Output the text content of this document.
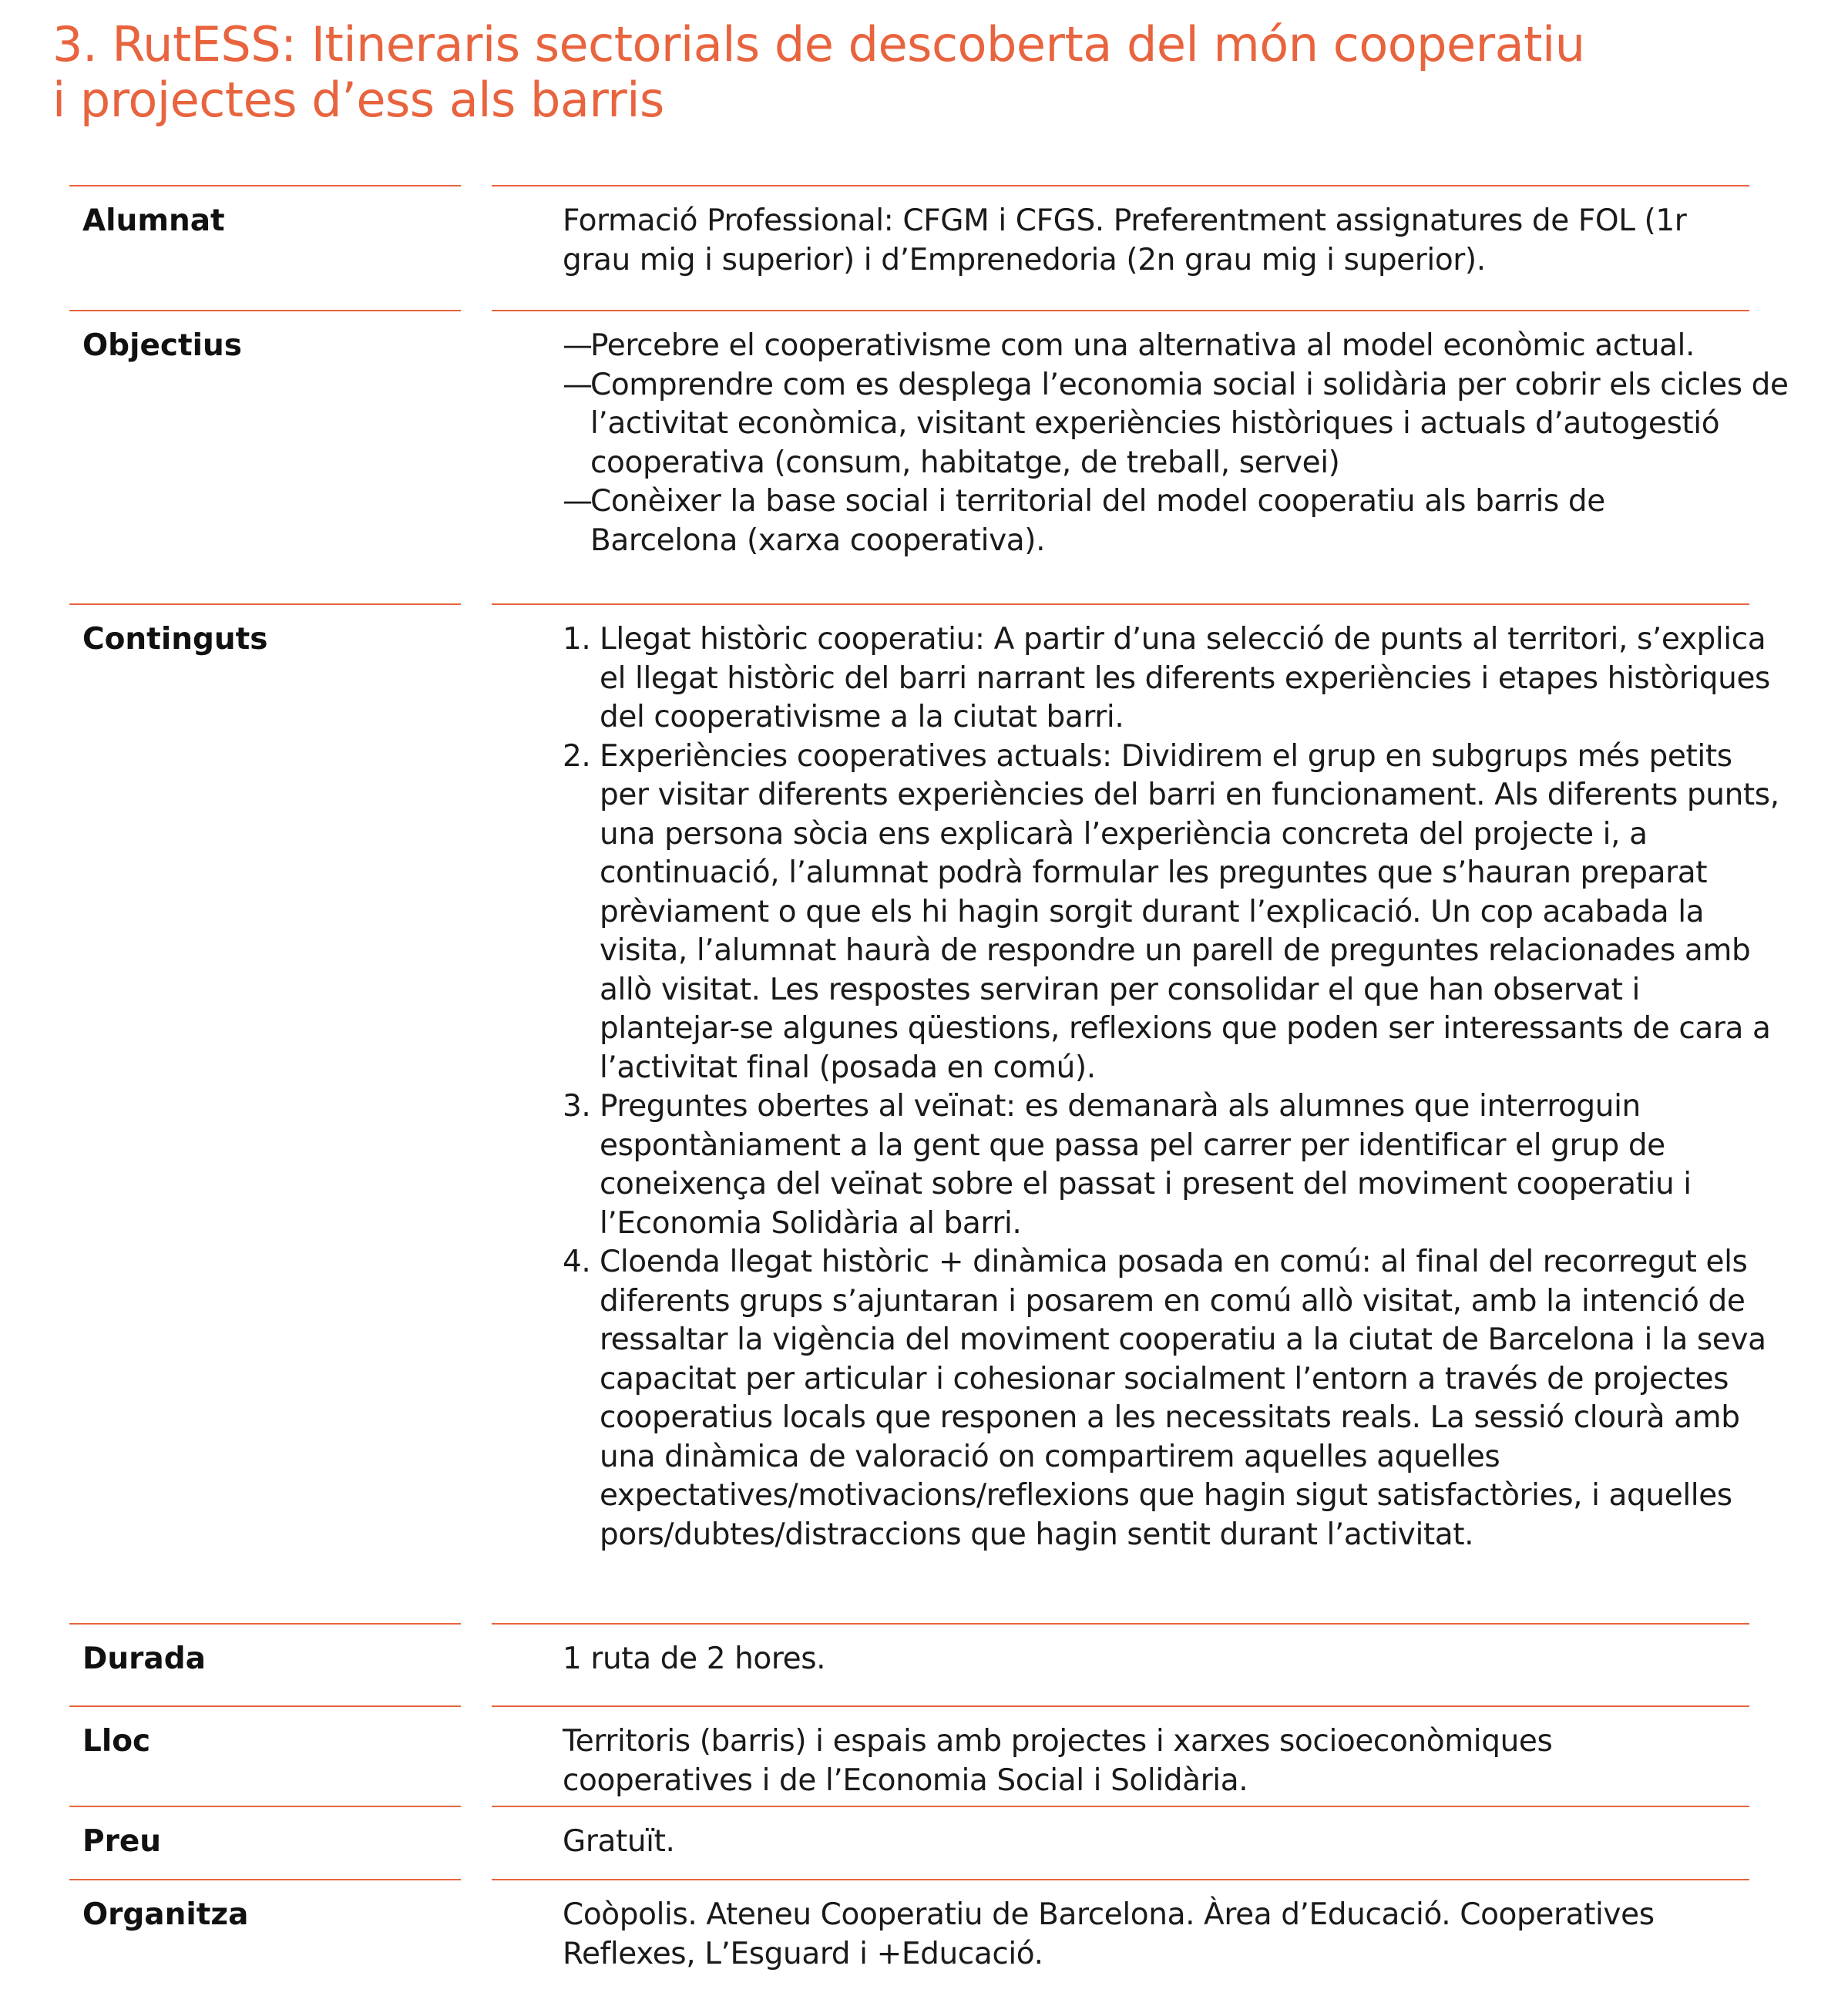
3. RutESS: Itineraris sectorials de descoberta del món cooperatiu
i projectes d’ess als barris
Alumnat	Formació Professional: CFGM i CFGS. Preferentment assignatures de FOL (1r grau mig i superior) i d’Emprenedoria (2n grau mig i superior).

Objectius	—
Percebre el cooperativisme com una alternativa al model econòmic actual.
—
Comprendre com es desplega l’economia social i solidària per cobrir els cicles de l’activitat econòmica, visitant experiències històriques i actuals d’autogestió cooperativa (consum, habitatge, de treball, servei)
—
Conèixer la base social i territorial del model cooperatiu als barris de Barcelona (xarxa cooperativa).
Continguts	1. Llegat històric cooperatiu: A partir d’una selecció de punts al territori, s’explica el llegat històric del barri narrant les diferents experiències i etapes històriques del cooperativisme a la ciutat barri.
2. Experiències cooperatives actuals: Dividirem el grup en subgrups més petits per visitar diferents experiències del barri en funcionament. Als diferents punts, una persona sòcia ens explicarà l’experiència concreta del projecte i, a continuació, l’alumnat podrà formular les preguntes que s’hauran preparat prèviament o que els hi hagin sorgit durant l’explicació. Un cop acabada la visita, l’alumnat haurà de respondre un parell de preguntes relacionades amb allò visitat. Les respostes serviran per consolidar el que han observat i plantejar-se algunes qüestions, reflexions que poden ser interessants de cara a l’activitat final (posada en comú).
3. Preguntes obertes al veïnat: es demanarà als alumnes que interroguin espontàniament a la gent que passa pel carrer per identificar el grup de coneixença del veïnat sobre el passat i present del moviment cooperatiu i l’Economia Solidària al barri.
4. Cloenda llegat històric + dinàmica posada en comú: al final del recorregut els diferents grups s’ajuntaran i posarem en comú allò visitat, amb la intenció de ressaltar la vigència del moviment cooperatiu a la ciutat de Barcelona i la seva capacitat per articular i cohesionar socialment l’entorn a través de projectes cooperatius locals que responen a les necessitats reals. La sessió clourà amb una dinàmica de valoració on compartirem aquelles aquelles expectatives/motivacions/reflexions que hagin sigut satisfactòries, i aquelles pors/dubtes/distraccions que hagin sentit durant l’activitat.
Durada	1 ruta de 2 hores.

Lloc	Territoris (barris) i espais amb projectes i xarxes socioeconòmiques cooperatives i de l’Economia Social i Solidària.

Preu	Gratuït.

Organitza	Coòpolis. Ateneu Cooperatiu de Barcelona. Àrea d’Educació. Cooperatives Reflexes, L’Esguard i +Educació.
